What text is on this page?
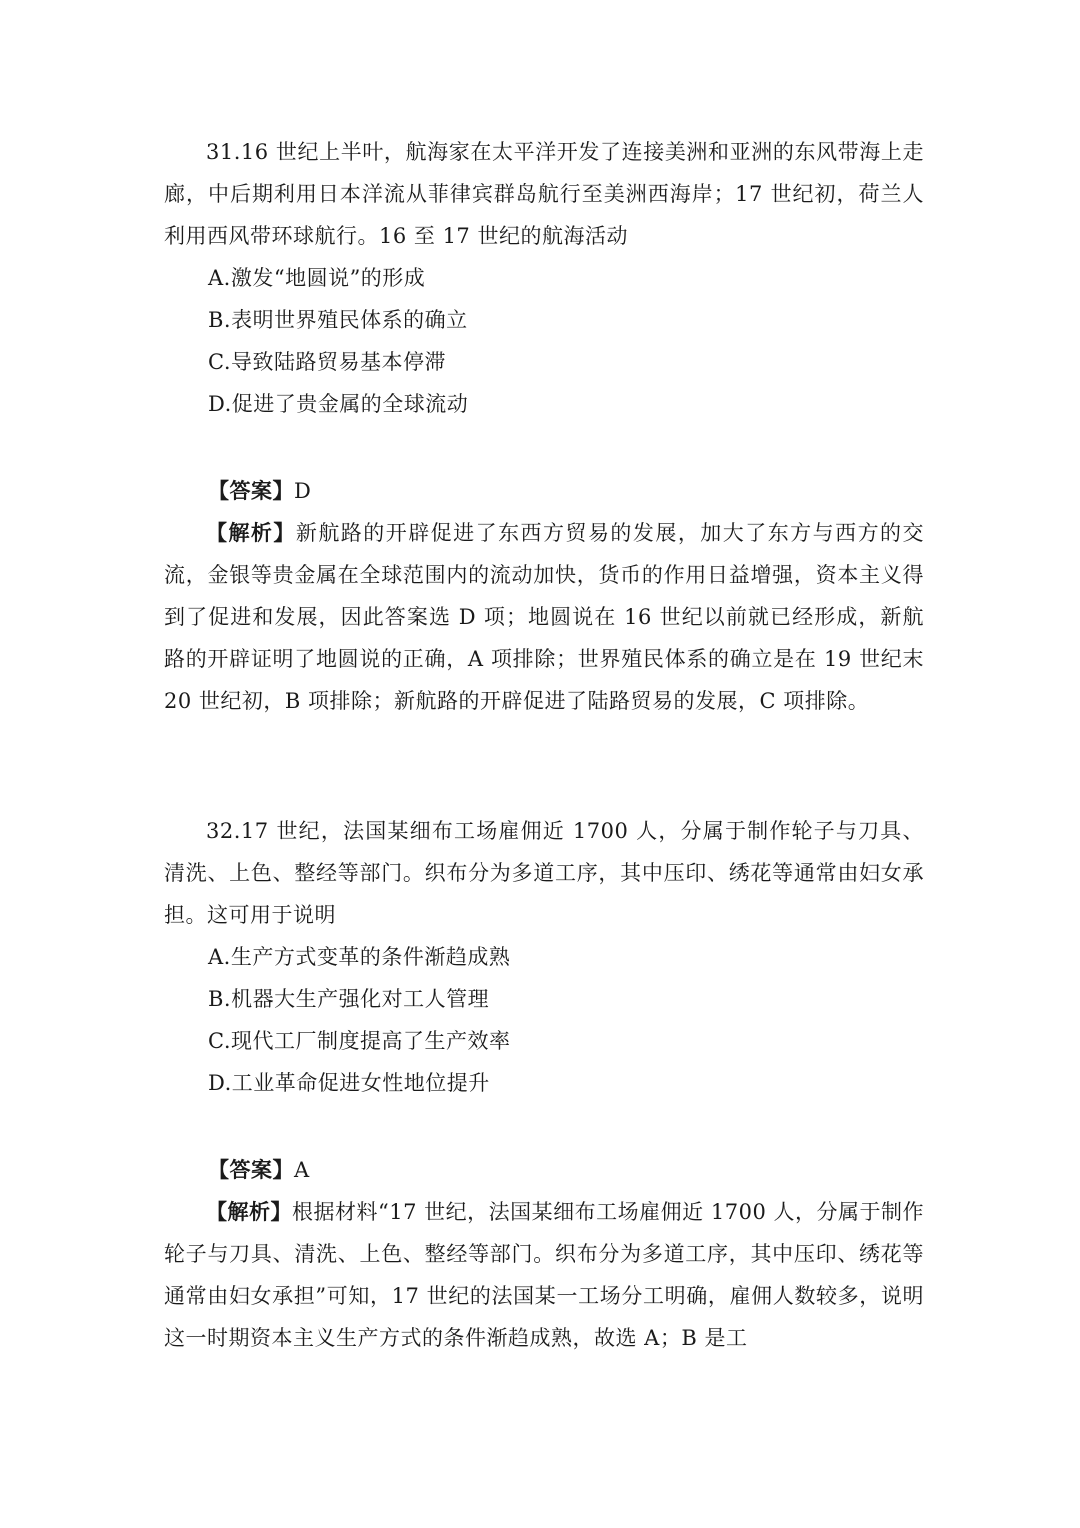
31.16 世纪上半叶，航海家在太平洋开发了连接美洲和亚洲的东风带海上走廊，中后期利用日本洋流从菲律宾群岛航行至美洲西海岸；17 世纪初，荷兰人利用西风带环球航行。16 至 17 世纪的航海活动

A.激发“地圆说”的形成

B.表明世界殖民体系的确立

C.导致陆路贸易基本停滞

D.促进了贵金属的全球流动

【答案】D

【解析】新航路的开辟促进了东西方贸易的发展，加大了东方与西方的交流，金银等贵金属在全球范围内的流动加快，货币的作用日益增强，资本主义得到了促进和发展，因此答案选 D 项；地圆说在 16 世纪以前就已经形成，新航路的开辟证明了地圆说的正确，A 项排除；世界殖民体系的确立是在 19 世纪末 20 世纪初，B 项排除；新航路的开辟促进了陆路贸易的发展，C 项排除。

32.17 世纪，法国某细布工场雇佣近 1700 人，分属于制作轮子与刀具、清洗、上色、整经等部门。织布分为多道工序，其中压印、绣花等通常由妇女承担。这可用于说明

A.生产方式变革的条件渐趋成熟

B.机器大生产强化对工人管理

C.现代工厂制度提高了生产效率

D.工业革命促进女性地位提升

【答案】A

【解析】根据材料“17 世纪，法国某细布工场雇佣近 1700 人，分属于制作轮子与刀具、清洗、上色、整经等部门。织布分为多道工序，其中压印、绣花等通常由妇女承担”可知，17 世纪的法国某一工场分工明确，雇佣人数较多，说明这一时期资本主义生产方式的条件渐趋成熟，故选 A；B 是工
